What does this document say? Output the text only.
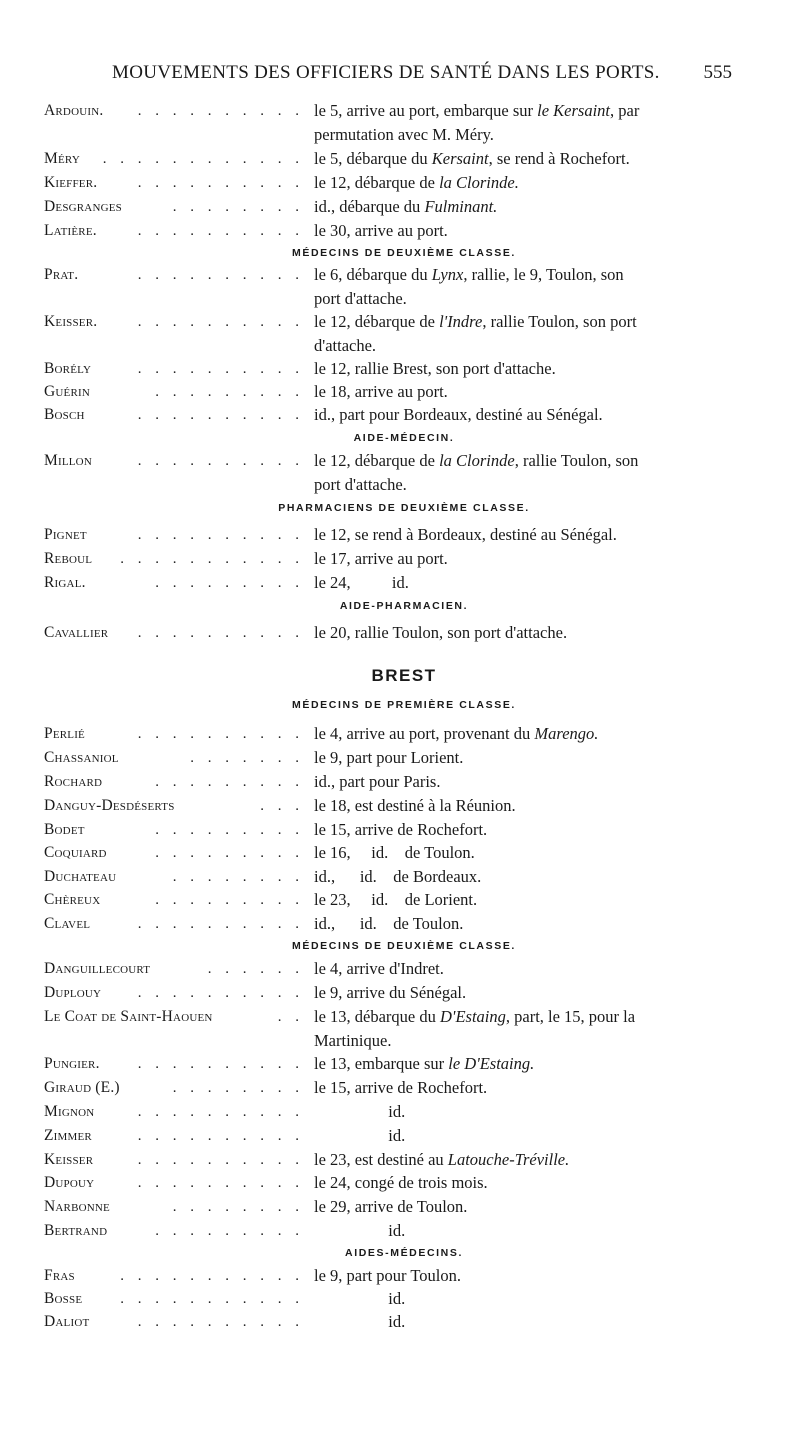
MOUVEMENTS DES OFFICIERS DE SANTÉ DANS LES PORTS. 555
Ardouin. . . . . . . . . . . le 5, arrive au port, embarque sur le Kersaint, par
permutation avec M. Méry.
Méry . . . . . . . . . . . . le 5, débarque du Kersaint, se rend à Rochefort.
Kieffer.	. . . . . . . . . . le 12, débarque de la Clorinde.
Desgranges	. . . . . . . . id., débarque du Fulminant.
Latière.	. . . . . . . . . . le 30, arrive au port.
MÉDECINS DE DEUXIÈME CLASSE.
Prat.	. . . . . . . . . . le 6, débarque du Lynx, rallie, le 9, Toulon, son
port d'attache.
Keisser.	. . . . . . . . . . le 12, débarque de l'Indre, rallie Toulon, son port
d'attache.
Borély	. . . . . . . . . . le 12, rallie Brest, son port d'attache.
Guérin	. . . . . . . . . le 18, arrive au port.
Bosch	. . . . . . . . . . id., part pour Bordeaux, destiné au Sénégal.
AIDE-MÉDECIN.
Millon	. . . . . . . . . . le 12, débarque de la Clorinde, rallie Toulon, son
port d'attache.
PHARMACIENS DE DEUXIÈME CLASSE.
Pignet	. . . . . . . . . . le 12, se rend à Bordeaux, destiné au Sénégal.
Reboul . . . . . . . . . . . le 17, arrive au port.
Rigal.	. . . . . . . . . le 24,          id.
AIDE-PHARMACIEN.
Cavallier . . . . . . . . . . le 20, rallie Toulon, son port d'attache.
BREST
MÉDECINS DE PREMIÈRE CLASSE.
Perlié	. . . . . . . . . . le 4, arrive au port, provenant du Marengo.
Chassaniol	. . . . . . . le 9, part pour Lorient.
Rochard	. . . . . . . . . id., part pour Paris.
Danguy-Desdéserts	. . . le 18, est destiné à la Réunion.
Bodet	. . . . . . . . . le 15, arrive de Rochefort.
Coquiard	. . . . . . . . . le 16,     id.    de Toulon.
Duchateau	. . . . . . . . id.,      id.    de Bordeaux.
Chèreux	. . . . . . . . . le 23,     id.    de Lorient.
Clavel	. . . . . . . . . . id.,      id.    de Toulon.
MÉDECINS DE DEUXIÈME CLASSE.
Danguillecourt	. . . . . . le 4, arrive d'Indret.
Duplouy . . . . . . . . . . le 9, arrive du Sénégal.
Le Coat de Saint-Haouen	. . le 13, débarque du D'Estaing, part, le 15, pour la
Martinique.
Pungier.	. . . . . . . . . . le 13, embarque sur le D'Estaing.
Giraud (E.)	. . . . . . . . le 15, arrive de Rochefort.
Mignon	. . . . . . . . . . id.
Zimmer	. . . . . . . . . . id.
Keisser	. . . . . . . . . . le 23, est destiné au Latouche-Tréville.
Dupouy	. . . . . . . . . . le 24, congé de trois mois.
Narbonne	. . . . . . . . le 29, arrive de Toulon.
Bertrand	. . . . . . . . . id.
AIDES-MÉDECINS.
Fras	. . . . . . . . . . . le 9, part pour Toulon.
Bosse	. . . . . . . . . . . id.
Daliot	. . . . . . . . . . id.
